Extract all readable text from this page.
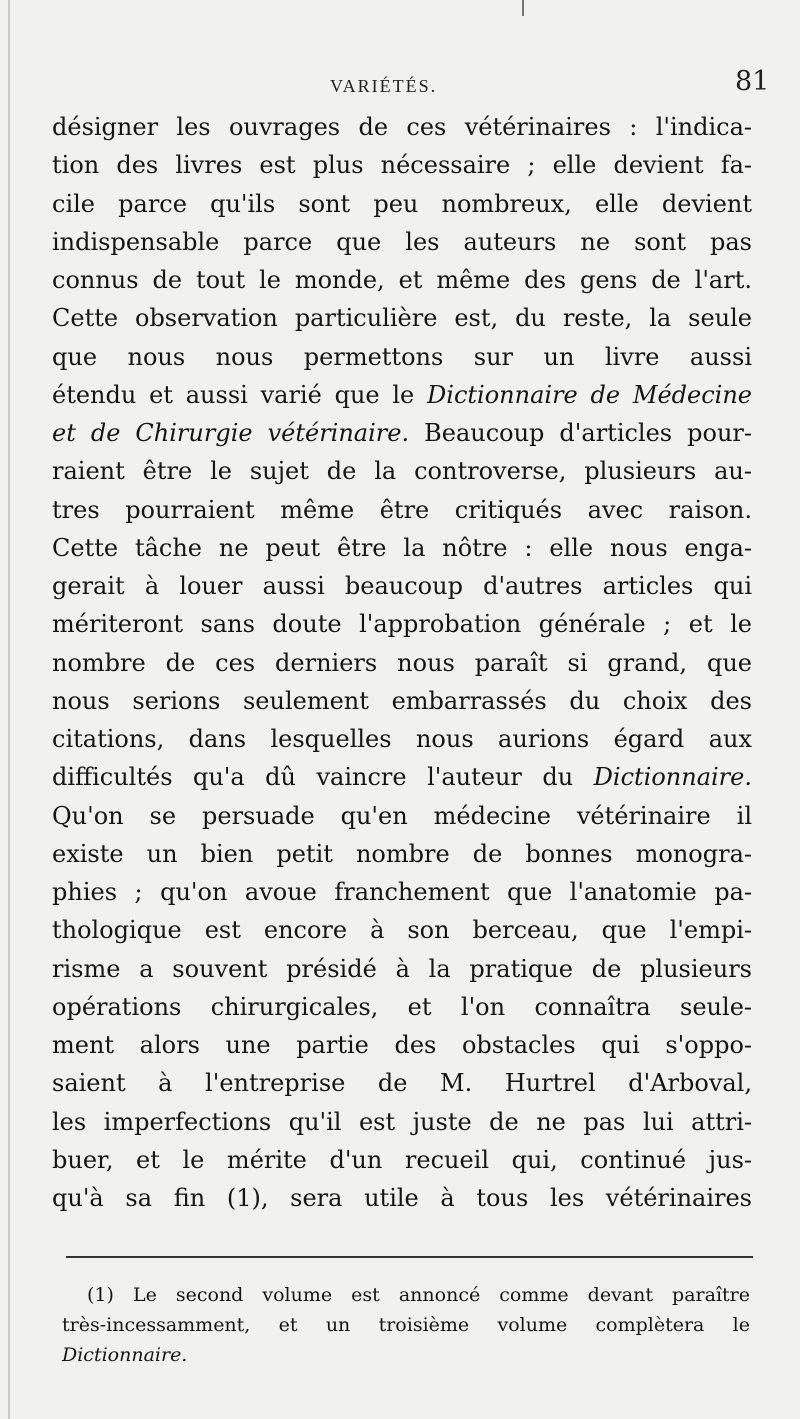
VARIÉTÉS.	81
désigner les ouvrages de ces vétérinaires : l'indica-
tion des livres est plus nécessaire ; elle devient fa-
cile parce qu'ils sont peu nombreux, elle devient
indispensable parce que les auteurs ne sont pas
connus de tout le monde, et même des gens de l'art.
Cette observation particulière est, du reste, la seule
que nous nous permettons sur un livre aussi
étendu et aussi varié que le Dictionnaire de Médecine
et de Chirurgie vétérinaire. Beaucoup d'articles pour-
raient être le sujet de la controverse, plusieurs au-
tres pourraient même être critiqués avec raison.
Cette tâche ne peut être la nôtre : elle nous enga-
gerait à louer aussi beaucoup d'autres articles qui
mériteront sans doute l'approbation générale ; et le
nombre de ces derniers nous paraît si grand, que
nous serions seulement embarrassés du choix des
citations, dans lesquelles nous aurions égard aux
difficultés qu'a dû vaincre l'auteur du Dictionnaire.
Qu'on se persuade qu'en médecine vétérinaire il
existe un bien petit nombre de bonnes monogra-
phies ; qu'on avoue franchement que l'anatomie pa-
thologique est encore à son berceau, que l'empi-
risme a souvent présidé à la pratique de plusieurs
opérations chirurgicales, et l'on connaîtra seule-
ment alors une partie des obstacles qui s'oppo-
saient à l'entreprise de M. Hurtrel d'Arboval,
les imperfections qu'il est juste de ne pas lui attri-
buer, et le mérite d'un recueil qui, continué jus-
qu'à sa fin (1), sera utile à tous les vétérinaires
(1) Le second volume est annoncé comme devant paraître
très-incessamment, et un troisième volume complètera le
Dictionnaire.
